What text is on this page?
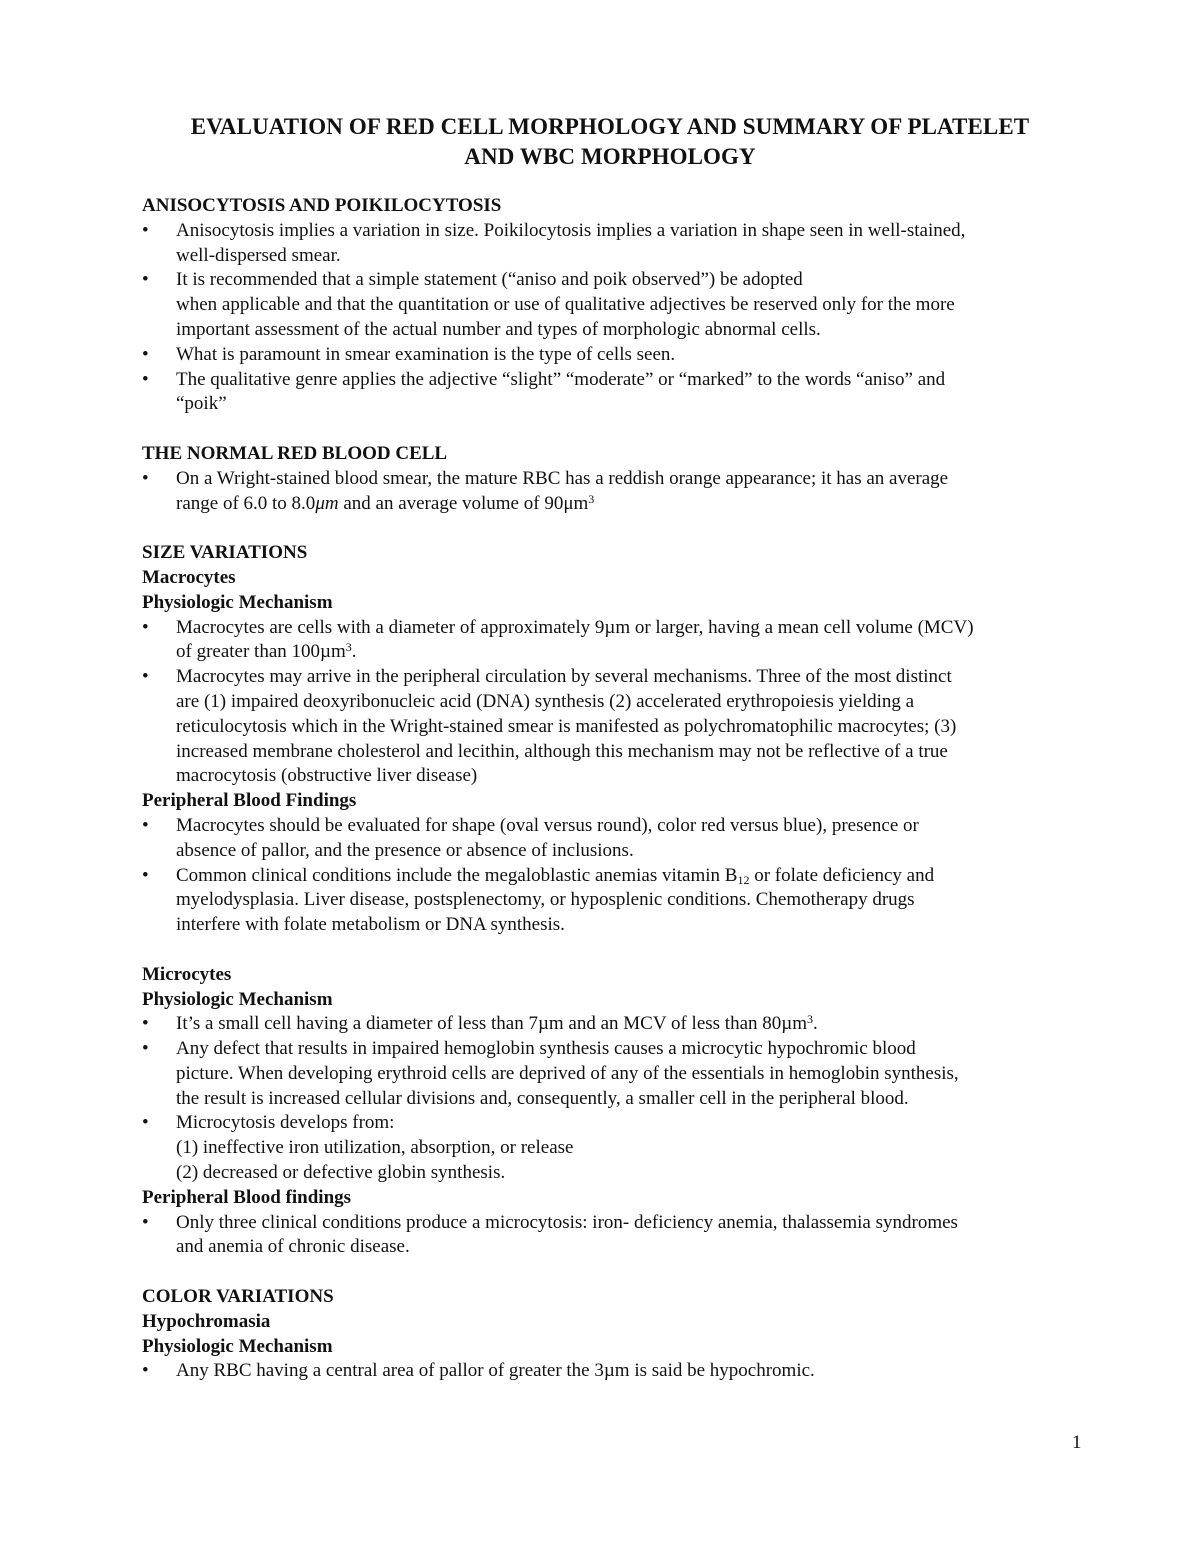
EVALUATION OF RED CELL MORPHOLOGY AND SUMMARY OF PLATELET
AND WBC MORPHOLOGY

ANISOCYTOSIS AND POIKILOCYTOSIS

• Anisocytosis implies a variation in size. Poikilocytosis implies a variation in shape seen in well-stained,
well-dispersed smear.
• It is recommended that a simple statement (“aniso and poik observed”) be adopted
when applicable and that the quantitation or use of qualitative adjectives be reserved only for the more
important assessment of the actual number and types of morphologic abnormal cells.
• What is paramount in smear examination is the type of cells seen.
• The qualitative genre applies the adjective “slight” “moderate” or “marked” to the words “aniso” and
“poik”

THE NORMAL RED BLOOD CELL

• On a Wright-stained blood smear, the mature RBC has a reddish orange appearance; it has an average
range of 6.0 to 8.0μm and an average volume of $90\mu m^3$

SIZE VARIATIONS

Macrocytes

Physiologic Mechanism

• Macrocytes are cells with a diameter of approximately 9µm or larger, having a mean cell volume (MCV)
of greater than 100µm$^3$.
• Macrocytes may arrive in the peripheral circulation by several mechanisms. Three of the most distinct
are (1) impaired deoxyribonucleic acid (DNA) synthesis (2) accelerated erythropoiesis yielding a
reticulocytosis which in the Wright-stained smear is manifested as polychromatophilic macrocytes; (3)
increased membrane cholesterol and lecithin, although this mechanism may not be reflective of a true
macrocytosis (obstructive liver disease)

Peripheral Blood Findings

• Macrocytes should be evaluated for shape (oval versus round), color red versus blue), presence or
absence of pallor, and the presence or absence of inclusions.
• Common clinical conditions include the megaloblastic anemias vitamin $B_{12}$ or folate deficiency and
myelodysplasia. Liver disease, postsplenectomy, or hyposplenic conditions. Chemotherapy drugs
interfere with folate metabolism or DNA synthesis.

Microcytes

Physiologic Mechanism

• It’s a small cell having a diameter of less than 7µm and an MCV of less than 80µm$^3$.
• Any defect that results in impaired hemoglobin synthesis causes a microcytic hypochromic blood
picture. When developing erythroid cells are deprived of any of the essentials in hemoglobin synthesis,
the result is increased cellular divisions and, consequently, a smaller cell in the peripheral blood.
• Microcytosis develops from:
(1) ineffective iron utilization, absorption, or release
(2) decreased or defective globin synthesis.

Peripheral Blood findings

• Only three clinical conditions produce a microcytosis: iron- deficiency anemia, thalassemia syndromes
and anemia of chronic disease.

COLOR VARIATIONS

Hypochromasia

Physiologic Mechanism

• Any RBC having a central area of pallor of greater the 3µm is said be hypochromic.
1
